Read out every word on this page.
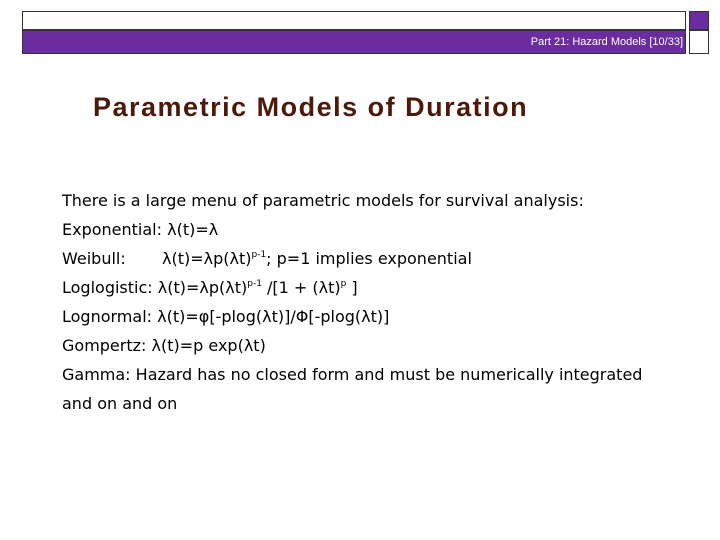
Part 21: Hazard Models [10/33]
Parametric Models of Duration
There is a large menu of parametric models for survival analysis:
Exponential: λ(t)=λ
Weibull: $\lambda(t)=\lambda p(\lambda t)^{p-1}$; p=1 implies exponential
Loglogistic: $\lambda(t)=\lambda p(\lambda t)^{p-1}$ $/[1 + (\lambda t)^p$ ]
Lognormal: λ(t)=φ[-plog(λt)]/Φ[-plog(λt)]
Gompertz: λ(t)=p exp(λt)
Gamma: Hazard has no closed form and must be numerically integrated
and on and on
